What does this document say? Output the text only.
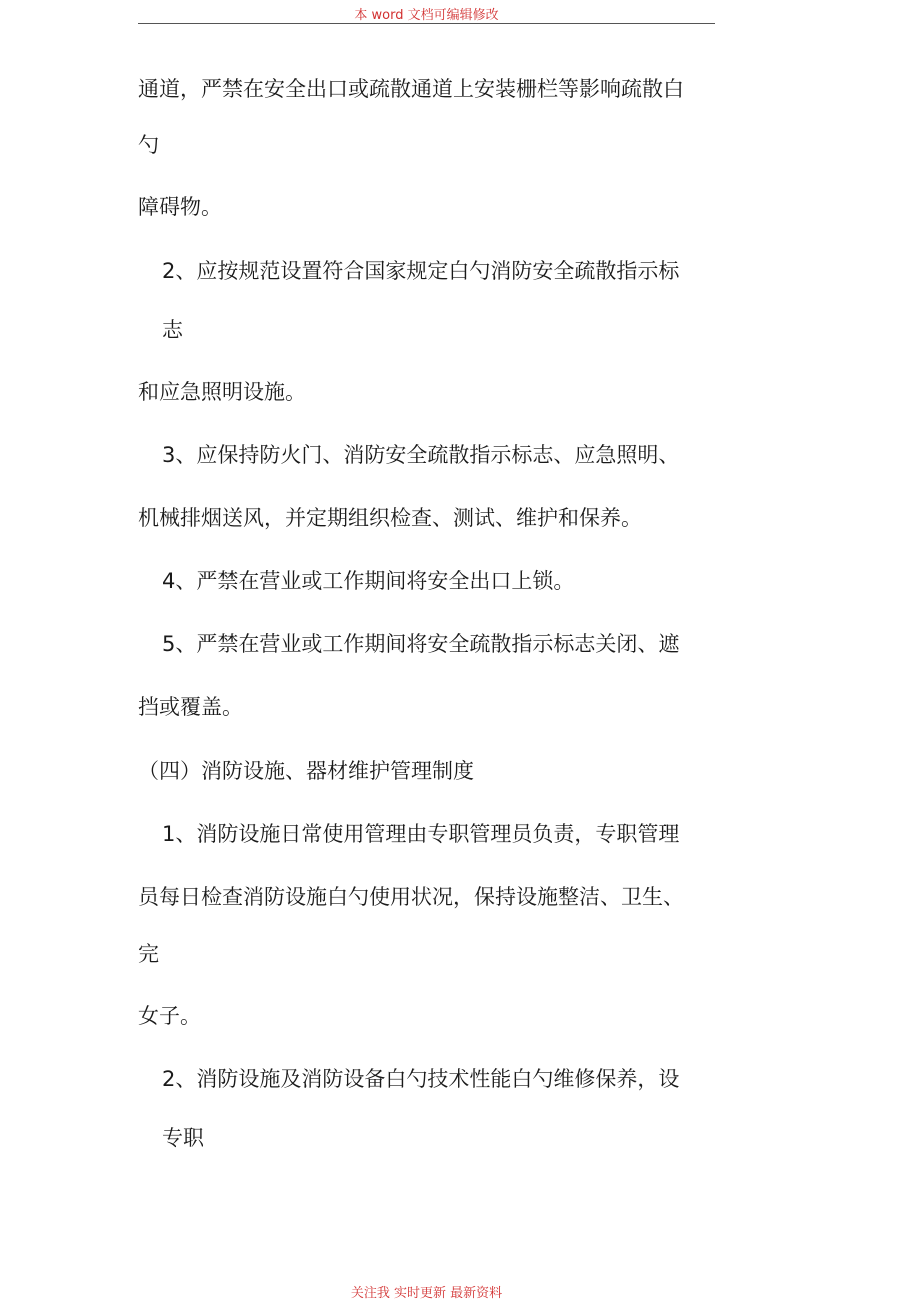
本 word 文档可编辑修改
通道，严禁在安全出口或疏散通道上安装栅栏等影响疏散白
勺
障碍物。
2、应按规范设置符合国家规定白勺消防安全疏散指示标
志
和应急照明设施。
3、应保持防火门、消防安全疏散指示标志、应急照明、
机械排烟送风，并定期组织检查、测试、维护和保养。
4、严禁在营业或工作期间将安全出口上锁。
5、严禁在营业或工作期间将安全疏散指示标志关闭、遮
挡或覆盖。
（四）消防设施、器材维护管理制度
1、消防设施日常使用管理由专职管理员负责，专职管理
员每日检查消防设施白勺使用状况，保持设施整洁、卫生、
完
女子。
2、消防设施及消防设备白勺技术性能白勺维修保养，设
专职
关注我 实时更新 最新资料
